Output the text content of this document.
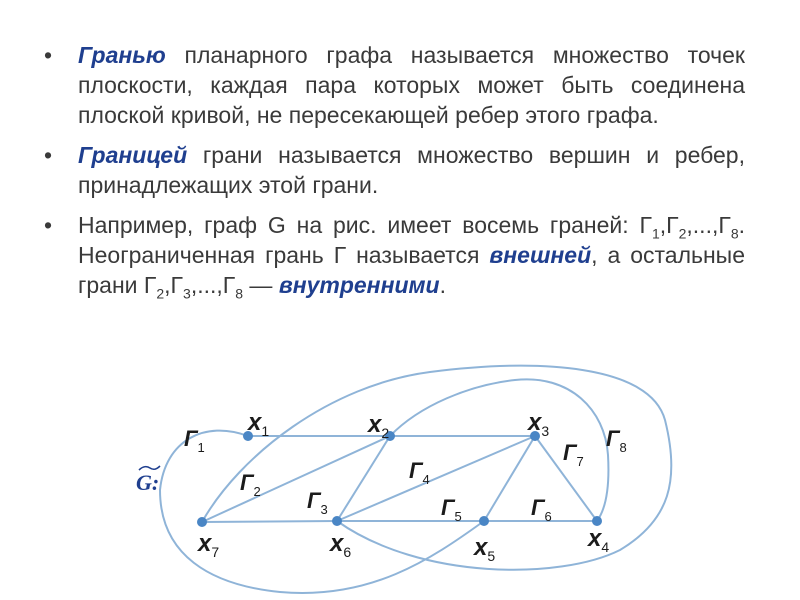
• Гранью планарного графа называется множество точек плоскости, каждая пара которых может быть соединена плоской кривой, не пересекающей ребер этого графа.
• Границей грани называется множество вершин и ребер, принадлежащих этой грани.
• Например, граф G на рис. имеет восемь граней: $Г_1,Г_2,...,Г_8$. Неограниченная грань Г называется внешней, а остальные грани $Г_2,Г_3,...,Г_8$ — внутренними.
$x_1$	$x_2$	$x_3$
$x_4$
$x_5$
$x_6$
$x_7$
$Г_1$
$Г_2$ $Г_3$
$Г_4$
$Г_5$	$Г_6$
$Г_7$
$Г_8$
G:
